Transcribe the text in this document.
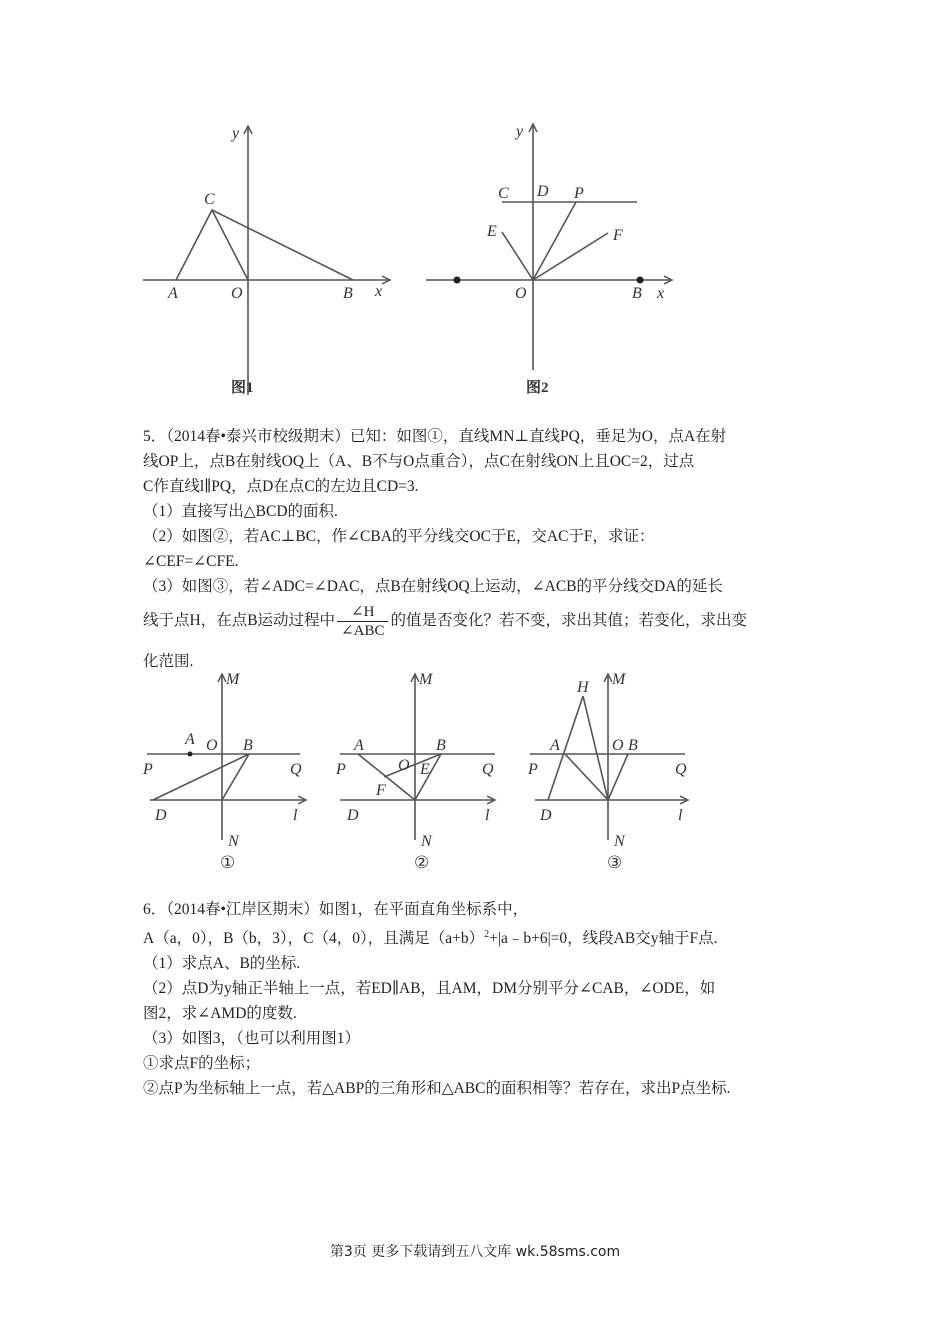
y
x
C
A	O	B
图1
y
x
C D P
E	F
O	B
图2

5．（2014春•泰兴市校级期末）已知：如图①，直线MN⊥直线PQ，垂足为O，点A在射

线OP上，点B在射线OQ上（A、B不与O点重合），点C在射线ON上且OC=2，过点

C作直线l∥PQ，点D在点C的左边且CD=3.

（1）直接写出△BCD的面积.

（2）如图②，若AC⊥BC，作∠CBA的平分线交OC于E，交AC于F，求证：

∠CEF=∠CFE.

（3）如图③，若∠ADC=∠DAC，点B在射线OQ上运动，∠ACB的平分线交DA的延长

线于点H，在点B运动过程中 $\frac{\angle H}{\text{∠ABC}}$ 的值是否变化？若不变，求出其值；若变化，求出变

化范围.

M
A O B
P	Q
D	l
N
①
M
A	B
O E
F
P	Q
D	l
N
②
H M
A	O B
P	Q
D	l
N
③

6．（2014春•江岸区期末）如图1，在平面直角坐标系中，

A（a，0），B（b，3），C（4，0），且满足$(a+b)^2+|a﹣b+6|=0$，线段AB交y轴于F点.

（1）求点A、B的坐标.

（2）点D为y轴正半轴上一点，若ED∥AB，且AM，DM分别平分∠CAB，∠ODE，如

图2，求∠AMD的度数.

（3）如图3，（也可以利用图1）

①求点F的坐标；

②点P为坐标轴上一点，若△ABP的三角形和△ABC的面积相等？若存在，求出P点坐标.

第3页 更多下载请到五八文库 wk.58sms.com
